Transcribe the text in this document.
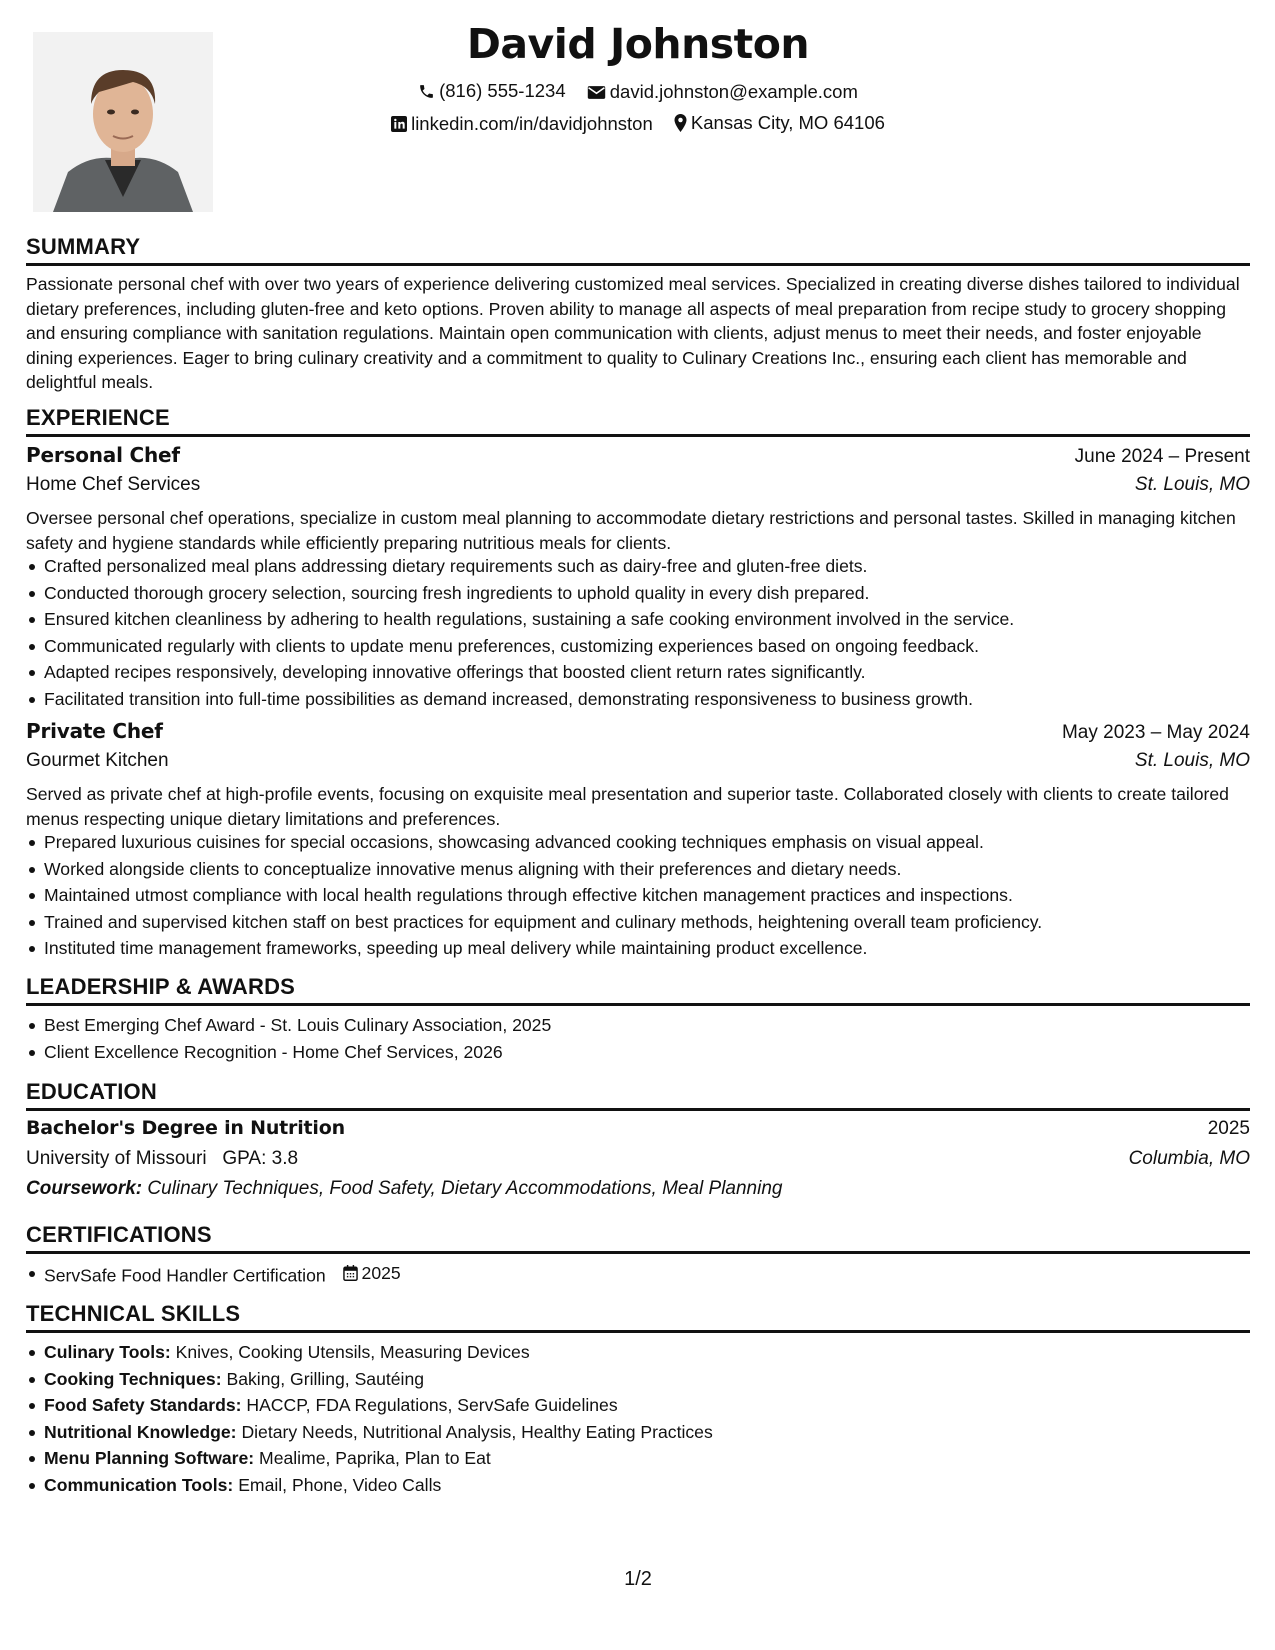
David Johnston
(816) 555-1234
david.johnston@example.com
linkedin.com/in/davidjohnston
Kansas City, MO 64106
SUMMARY
Passionate personal chef with over two years of experience delivering customized meal services. Specialized in creating diverse dishes tailored to individual dietary preferences, including gluten-free and keto options. Proven ability to manage all aspects of meal preparation from recipe study to grocery shopping and ensuring compliance with sanitation regulations. Maintain open communication with clients, adjust menus to meet their needs, and foster enjoyable dining experiences. Eager to bring culinary creativity and a commitment to quality to Culinary Creations Inc., ensuring each client has memorable and delightful meals.
EXPERIENCE
Personal Chef	June 2024 – Present
Home Chef Services	St. Louis, MO
Oversee personal chef operations, specialize in custom meal planning to accommodate dietary restrictions and personal tastes. Skilled in managing kitchen safety and hygiene standards while efficiently preparing nutritious meals for clients.
Crafted personalized meal plans addressing dietary requirements such as dairy-free and gluten-free diets.
Conducted thorough grocery selection, sourcing fresh ingredients to uphold quality in every dish prepared.
Ensured kitchen cleanliness by adhering to health regulations, sustaining a safe cooking environment involved in the service.
Communicated regularly with clients to update menu preferences, customizing experiences based on ongoing feedback.
Adapted recipes responsively, developing innovative offerings that boosted client return rates significantly.
Facilitated transition into full-time possibilities as demand increased, demonstrating responsiveness to business growth.
Private Chef	May 2023 – May 2024
Gourmet Kitchen	St. Louis, MO
Served as private chef at high-profile events, focusing on exquisite meal presentation and superior taste. Collaborated closely with clients to create tailored menus respecting unique dietary limitations and preferences.
Prepared luxurious cuisines for special occasions, showcasing advanced cooking techniques emphasis on visual appeal.
Worked alongside clients to conceptualize innovative menus aligning with their preferences and dietary needs.
Maintained utmost compliance with local health regulations through effective kitchen management practices and inspections.
Trained and supervised kitchen staff on best practices for equipment and culinary methods, heightening overall team proficiency.
Instituted time management frameworks, speeding up meal delivery while maintaining product excellence.
LEADERSHIP & AWARDS
Best Emerging Chef Award - St. Louis Culinary Association, 2025
Client Excellence Recognition - Home Chef Services, 2026
EDUCATION
Bachelor's Degree in Nutrition	2025
University of Missouri GPA: 3.8	Columbia, MO
Coursework: Culinary Techniques, Food Safety, Dietary Accommodations, Meal Planning
CERTIFICATIONS
ServSafe Food Handler Certification 2025
TECHNICAL SKILLS
Culinary Tools: Knives, Cooking Utensils, Measuring Devices
Cooking Techniques: Baking, Grilling, Sautéing
Food Safety Standards: HACCP, FDA Regulations, ServSafe Guidelines
Nutritional Knowledge: Dietary Needs, Nutritional Analysis, Healthy Eating Practices
Menu Planning Software: Mealime, Paprika, Plan to Eat
Communication Tools: Email, Phone, Video Calls
1/2
